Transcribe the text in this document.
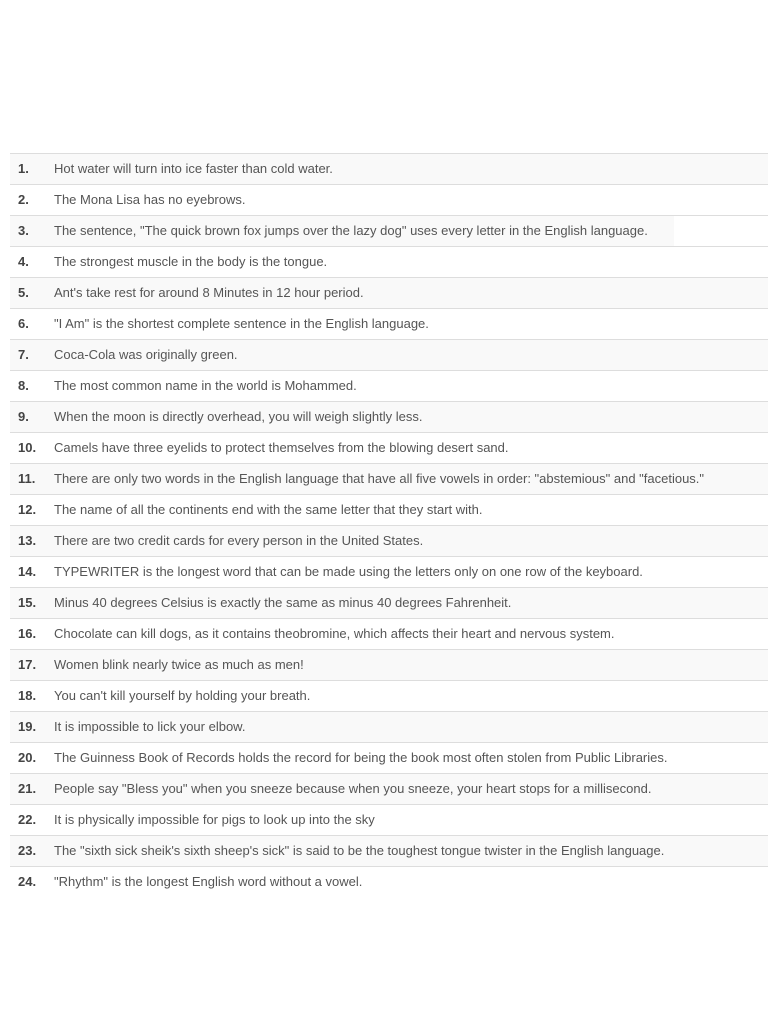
1.	Hot water will turn into ice faster than cold water.
2.	The Mona Lisa has no eyebrows.
3.	The sentence, "The quick brown fox jumps over the lazy dog" uses every letter in the English language.

4.	The strongest muscle in the body is the tongue.
5.	Ant's take rest for around 8 Minutes in 12 hour period.
6.	"I Am" is the shortest complete sentence in the English language.
7.	Coca-Cola was originally green.
8.	The most common name in the world is Mohammed.
9.	When the moon is directly overhead, you will weigh slightly less.
10.	Camels have three eyelids to protect themselves from the blowing desert sand.
11.	There are only two words in the English language that have all five vowels in order: "abstemious" and "facetious."
12.	The name of all the continents end with the same letter that they start with.
13.	There are two credit cards for every person in the United States.
14.	TYPEWRITER is the longest word that can be made using the letters only on one row of the keyboard.
15.	Minus 40 degrees Celsius is exactly the same as minus 40 degrees Fahrenheit.
16.	Chocolate can kill dogs, as it contains theobromine, which affects their heart and nervous system.
17.	Women blink nearly twice as much as men!
18.	You can't kill yourself by holding your breath.
19.	It is impossible to lick your elbow.
20.	The Guinness Book of Records holds the record for being the book most often stolen from Public Libraries.
21.	People say "Bless you" when you sneeze because when you sneeze, your heart stops for a millisecond.
22.	It is physically impossible for pigs to look up into the sky
23.	The "sixth sick sheik's sixth sheep's sick" is said to be the toughest tongue twister in the English language.
24.	"Rhythm" is the longest English word without a vowel.
